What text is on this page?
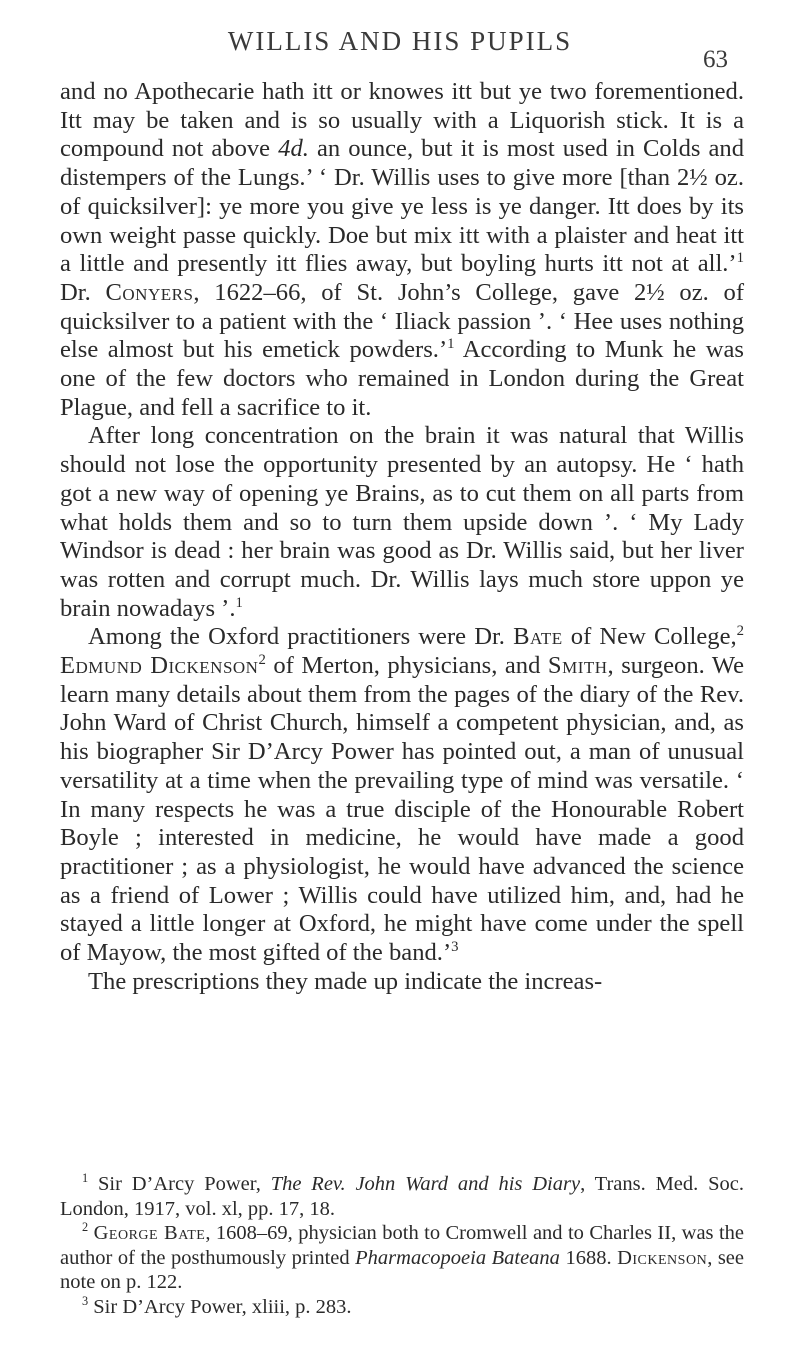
WILLIS AND HIS PUPILS
63

and no Apothecarie hath itt or knowes itt but ye two forementioned. Itt may be taken and is so usually with a Liquorish stick. It is a compound not above 4d. an ounce, but it is most used in Colds and distempers of the Lungs.’ ‘ Dr. Willis uses to give more [than 2½ oz. of quicksilver]: ye more you give ye less is ye danger. Itt does by its own weight passe quickly. Doe but mix itt with a plaister and heat itt a little and presently itt flies away, but boyling hurts itt not at all.’$^1$ Dr. Conyers, 1622–66, of St. John’s College, gave 2½ oz. of quicksilver to a patient with the ‘ Iliack passion ’. ‘ Hee uses nothing else almost but his emetick powders.’$^1$ According to Munk he was one of the few doctors who remained in London during the Great Plague, and fell a sacrifice to it.

After long concentration on the brain it was natural that Willis should not lose the opportunity presented by an autopsy. He ‘ hath got a new way of opening ye Brains, as to cut them on all parts from what holds them and so to turn them upside down ’. ‘ My Lady Windsor is dead : her brain was good as Dr. Willis said, but her liver was rotten and corrupt much. Dr. Willis lays much store uppon ye brain nowadays ’.$^1$

Among the Oxford practitioners were Dr. Bate of New College,$^2$ Edmund Dickenson$^2$ of Merton, physicians, and Smith, surgeon. We learn many details about them from the pages of the diary of the Rev. John Ward of Christ Church, himself a competent physician, and, as his biographer Sir D’Arcy Power has pointed out, a man of unusual versatility at a time when the prevailing type of mind was versatile. ‘ In many respects he was a true disciple of the Honourable Robert Boyle ; interested in medicine, he would have made a good practitioner ; as a physiologist, he would have advanced the science as a friend of Lower ; Willis could have utilized him, and, had he stayed a little longer at Oxford, he might have come under the spell of Mayow, the most gifted of the band.’$^3$

The prescriptions they made up indicate the increas-

$^1$ Sir D’Arcy Power, The Rev. John Ward and his Diary, Trans. Med. Soc. London, 1917, vol. xl, pp. 17, 18.

$^2$ George Bate, 1608–69, physician both to Cromwell and to Charles II, was the author of the posthumously printed Pharmacopoeia Bateana 1688. Dickenson, see note on p. 122.

$^3$ Sir D’Arcy Power, xliii, p. 283.
